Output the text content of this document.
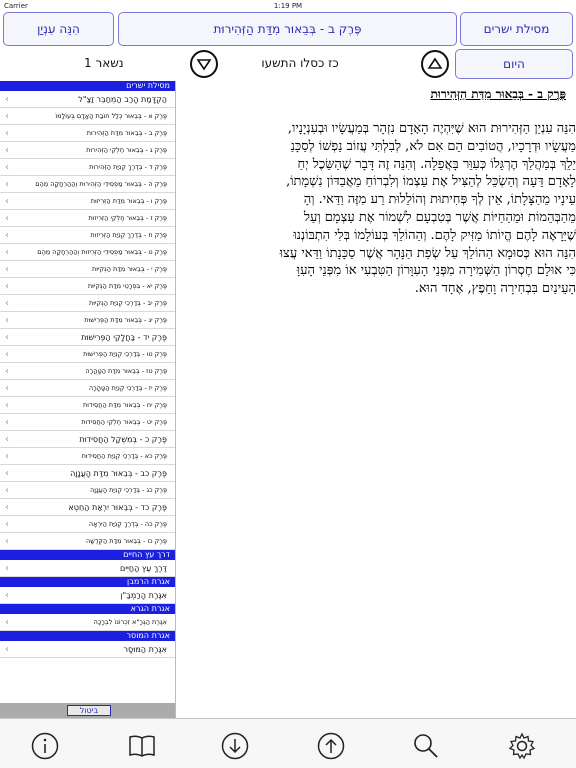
Carrier	1:19 PM
הִנֵּה עִנְיַן	פֶּרֶק ב - בְּבֵאוּר מִדַּת הַזְּהִירוּת	מסילת ישרים
נשאר 1	כז כסלו התשעו	היום
מסילת ישרים
הַקְדָּמַת הָרַב הַמְחַבֵּר זַצַ"ל
‹
פֶּרֶק א - בְּבֵאוּר כְּלַל חוֹבַת הָאָדָם בְּעוֹלָמוֹ
‹
פֶּרֶק ב - בְּבֵאוּר מִדַּת הַזְּהִירוּת
‹
פֶּרֶק ג - בְּבֵאוּר חֶלְקֵי הַזְּהִירוּת
‹
פֶּרֶק ד - בְּדֶרֶךְ קְנִיַּת הַזְּהִירוּת
‹
פֶּרֶק ה - בְּבֵאוּר מַפְסִידֵי הַזְּהִירוּת וְהַהַרְחָקָה מֵהֶם
‹
פֶּרֶק ו - בְּבֵאוּר מִדַּת הַזְּרִיזוּת
‹
פֶּרֶק ז - בְּבֵאוּר חֶלְקֵי הַזְּרִיזוּת
‹
פֶּרֶק ח - בְּדֶרֶךְ קְנִיַּת הַזְּרִיזוּת
‹
פֶּרֶק ט - בְּבֵאוּר מַפְסִידֵי הַזְּרִיזוּת וְהַהַרְחָקָה מֵהֶם
‹
פֶּרֶק י - בְּבֵאוּר מִדַּת הַנְּקִיּוּת
‹
פֶּרֶק יא - בִּפְרָטֵי מִדַּת הַנְּקִיּוּת
‹
פֶּרֶק יב - בְּדַרְכֵי קְנִיַּת הַנְּקִיּוּת
‹
פֶּרֶק יג - בְּבֵאוּר מִדַּת הַפְּרִישׁוּת
‹
פֶּרֶק יד - בַּחֲלָקֵי הַפְּרִישׁוּת
‹
פֶּרֶק טו - בְּדַרְכֵי קְנִיַּת הַפְּרִישׁוּת
‹
פֶּרֶק טז - בְּבֵאוּר מִדַּת הַטָּהֳרָה
‹
פֶּרֶק יז - בְּדַרְכֵי קְנִיַּת הַטָּהֳרָה
‹
פֶּרֶק יח - בְּבֵאוּר מִדַּת הַחֲסִידוּת
‹
פֶּרֶק יט - בְּבֵאוּר חֶלְקֵי הַחֲסִידוּת
‹
פֶּרֶק כ - בְּמִשְׁקַל הַחֲסִידוּת
‹
פֶּרֶק כא - בְּדַרְכֵי קְנִיַּת הַחֲסִידוּת
‹
פֶּרֶק כב - בְּבֵאוּר מִדַּת הָעֲנָוָה
‹
פֶּרֶק כג - בְּדַרְכֵי קְנִיַּת הָעֲנָוָה
‹
פֶּרֶק כד - בְּבֵאוּר יִרְאַת הַחֵטְא
‹
פֶּרֶק כה - בְּדֶרֶךְ קְנִיַּת הַיִּרְאָה
‹
פֶּרֶק כו - בְּבֵאוּר מִדַּת הַקְּדֻשָּׁה
‹
דרך עץ החיים
דֶּרֶךְ עֵץ הַחַיִּים
‹
אגרת הרמבן
אִגֶּרֶת הָרַמְבַּ"ן
‹
אגרת הגרא
אִגֶּרֶת הַגְּרָ"א זִכְרוֹנוֹ לִבְרָכָה
‹
אגרת המוסר
אִגֶּרֶת הַמּוּסָר
‹
ביטול
פֶּרֶק ב - בְּבֵאוּר מִדַּת הַזְּהִירוּת

הִנֵּה עִנְיַן הַזְּהִירוּת הוּא שֶׁיִּהְיֶה הָאָדָם נִזְהָר בְּמַעֲשָׂיו וּבְעִנְיָנָיו,
מַעֲשָׂיו וּדְרָכָיו, הֲטוֹבִים הֵם אִם לֹא, לְבִלְתִּי עֲזוֹב נַפְשׁוֹ לְסַכָּנַ
יֵלֵךְ בְּמַהֲלַךְ הֶרְגֵּלוֹ כְּעִוֵּר בָּאֲפֵלָה. וְהִנֵּה זֶה דָּבָר שֶׁהַשֵּׂכֶל יְחַ
לָאָדָם דֵּעָה וְהַשְׂכֵּל לְהַצִּיל אֶת עַצְמוֹ וְלִבְרוֹחַ מֵאֲבַדּוֹן נִשְׁמָתוֹ,
עֵינָיו מֵהַצָּלָתוֹ, אֵין לְךָ פְּחִיתוּת וְהוֹלֵלוּת רַע מִזֶּה וַדַּאי. וְהָ
מֵהַבְּהֵמוֹת וּמֵהַחַיּוֹת אֲשֶׁר בְּטִבְעָם לִשְׁמוֹר אֶת עַצְמָם וְעַל
שֶׁיֵּרָאֶה לָהֶם הֱיוֹתוֹ מַזִּיק לָהֶם. וְהַהוֹלֵךְ בְּעוֹלָמוֹ בְּלִי הִתְבּוֹנְנוּ
הִנֵּה הוּא כְּסוּמָא הַהוֹלֵךְ עַל שְׂפַת הַנָּהָר אֲשֶׁר סַכָּנָתוֹ וַדַּאי עֲצוּ
כִּי אוּלָם חֶסְרוֹן הַשְּׁמִירָה מִפְּנֵי הָעִוָּרוֹן הַטִּבְעִי אוֹ מִפְּנֵי הָעִוָּ
הָעֵינַיִם בִּבְחִירָה וָחֵפֶץ, אֶחָד הוּא.
